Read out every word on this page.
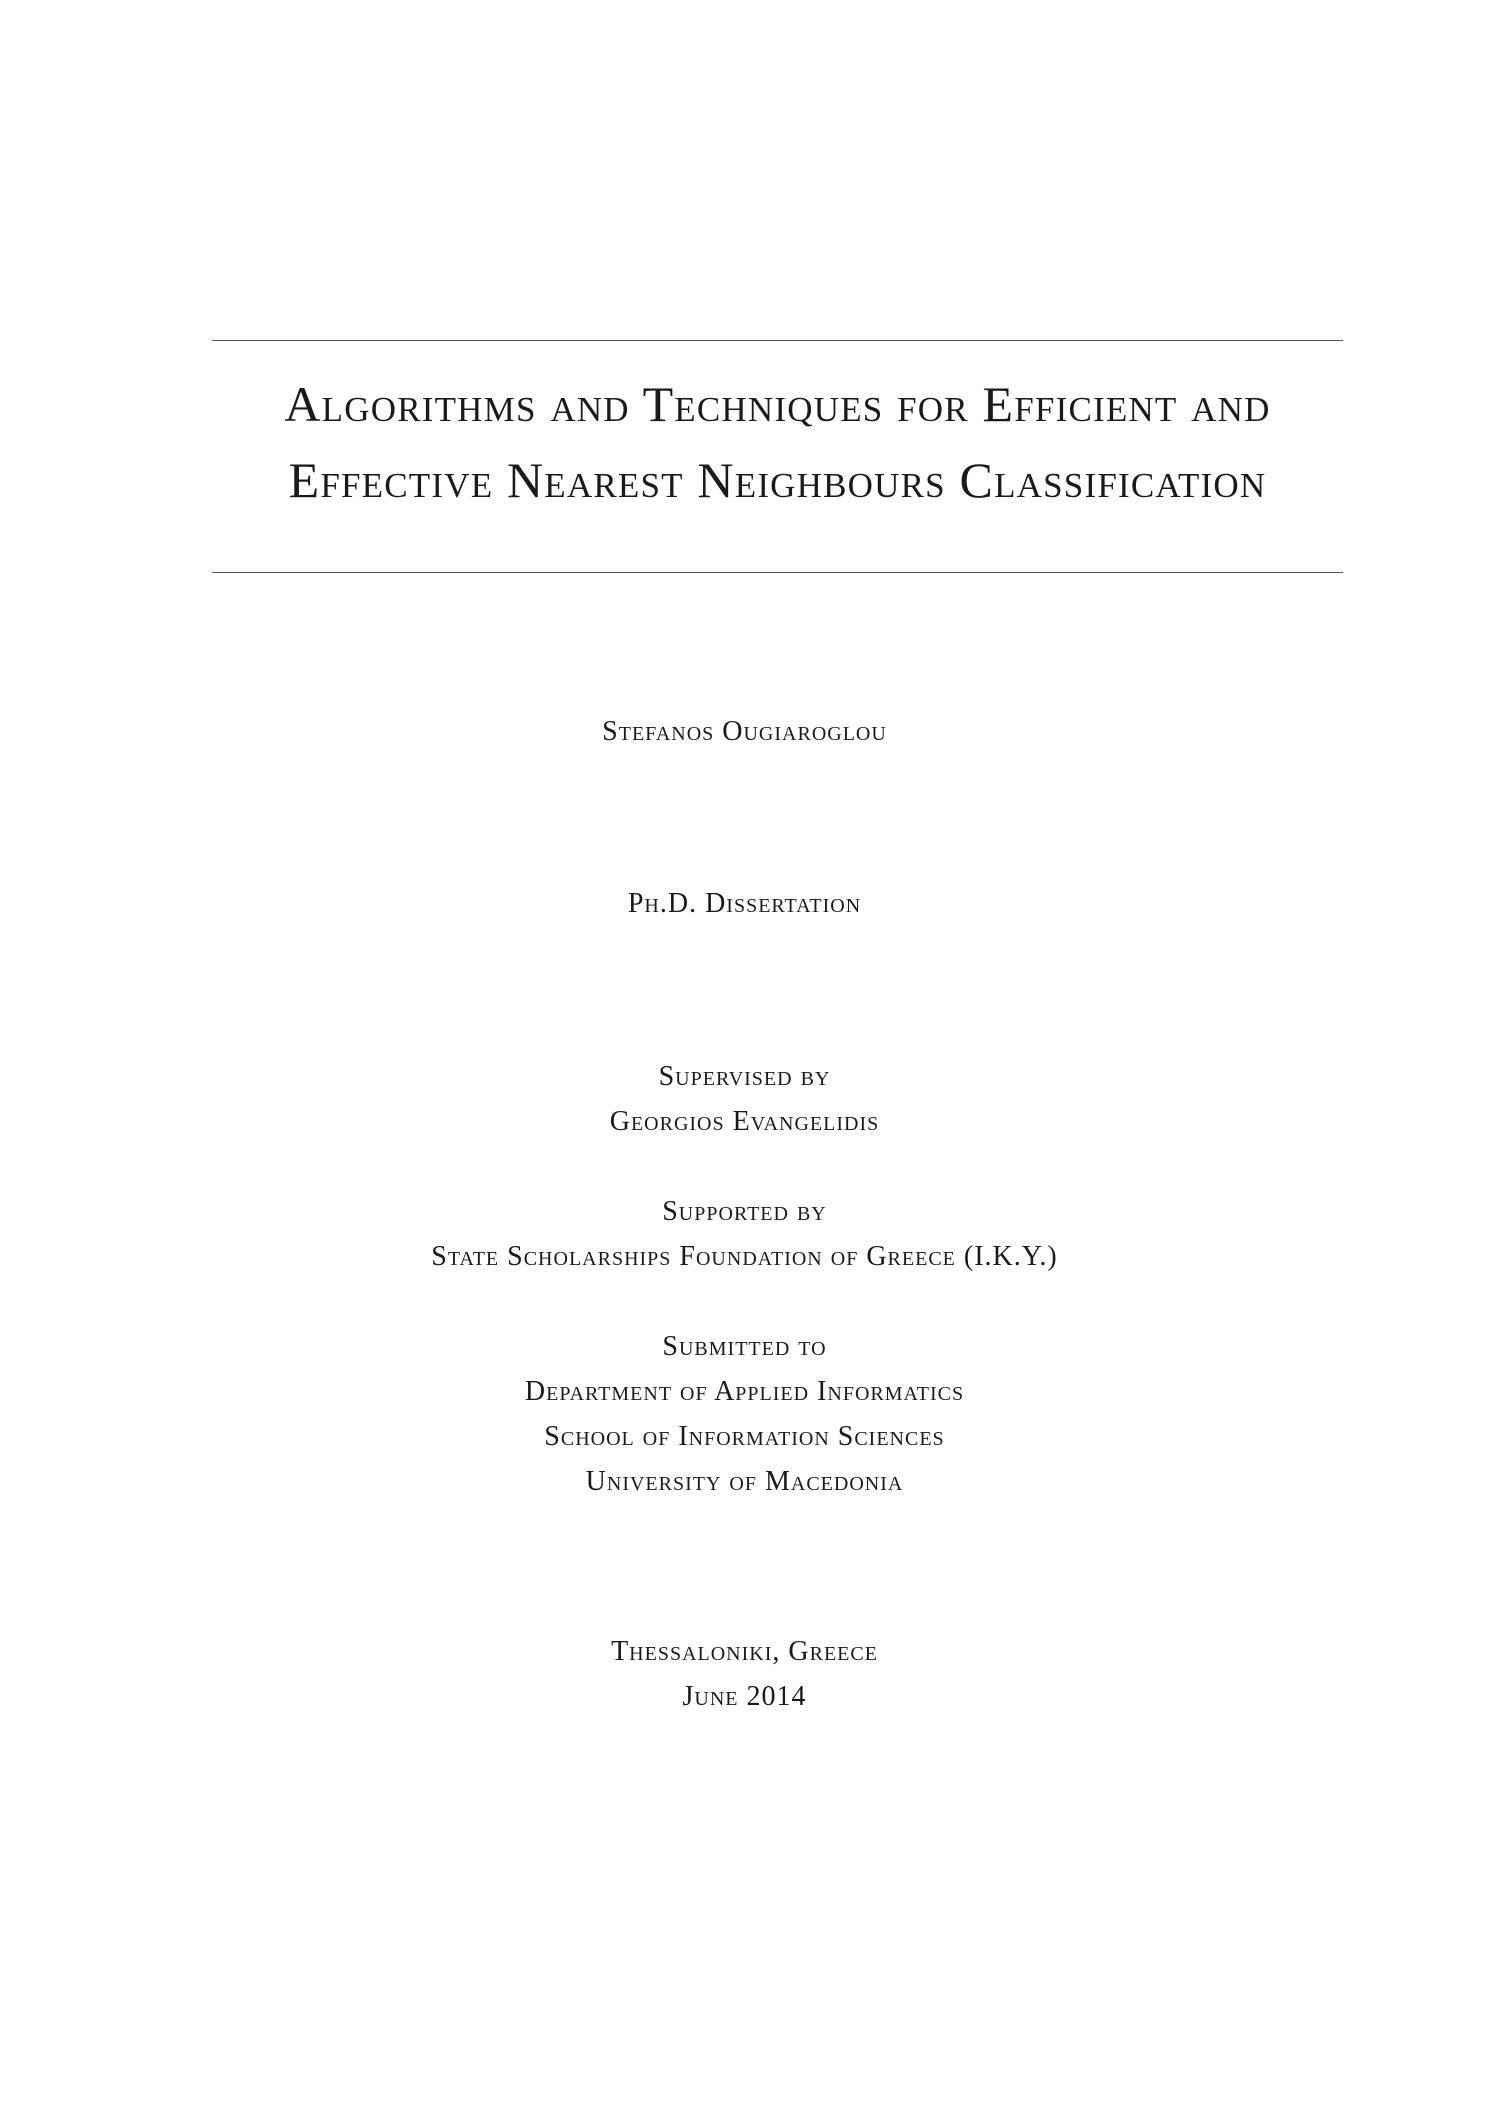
Algorithms and Techniques for Efficient and
Effective Nearest Neighbours Classification
Stefanos Ougiaroglou
Ph.D. Dissertation
Supervised by
Georgios Evangelidis
Supported by
State Scholarships Foundation of Greece (I.K.Y.)
Submitted to
Department of Applied Informatics
School of Information Sciences
University of Macedonia
Thessaloniki, Greece
June 2014
